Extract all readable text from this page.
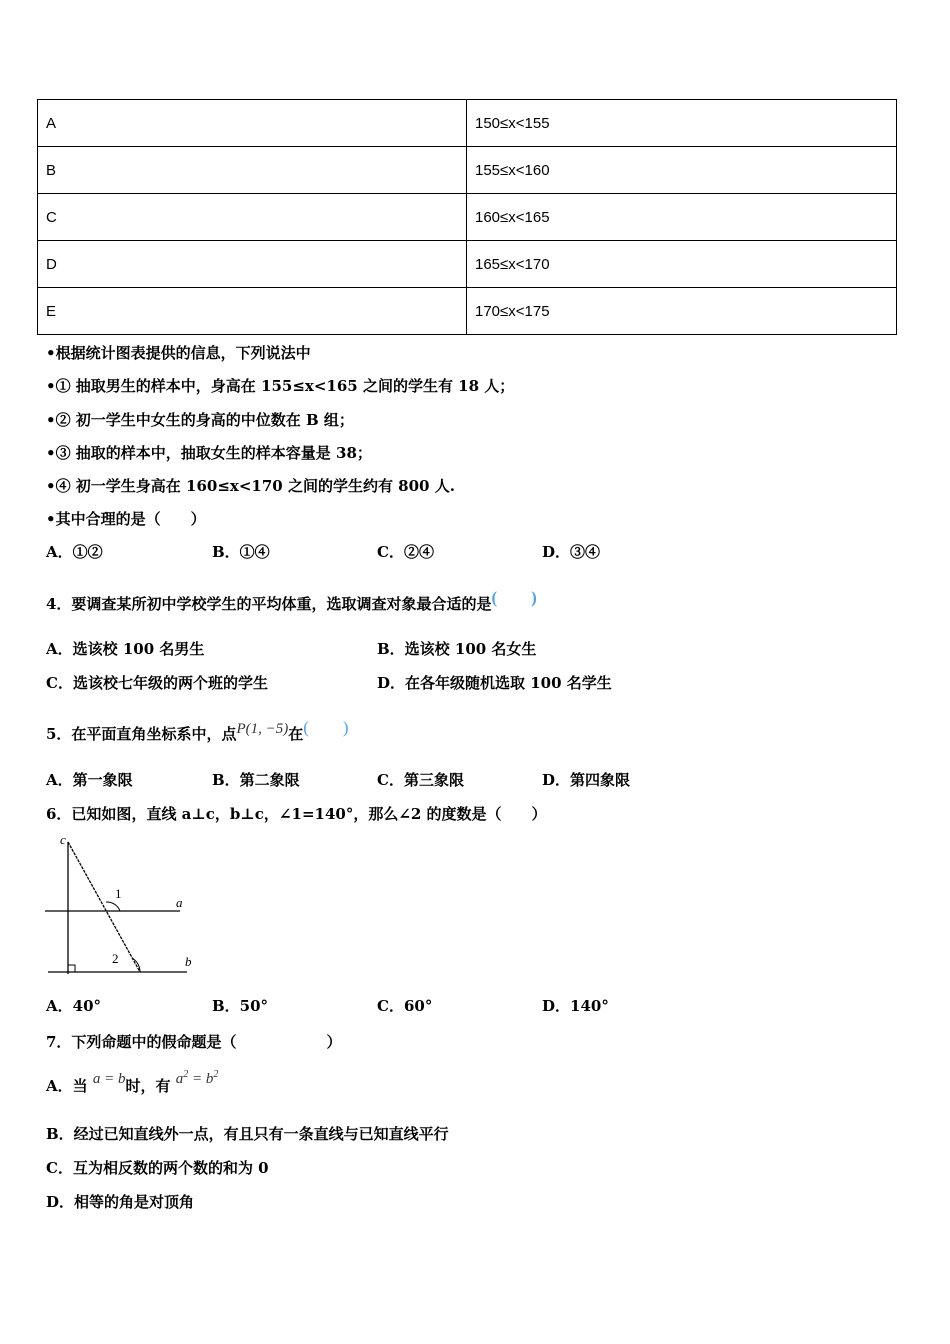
A	150≤x<155
B	155≤x<160
C	160≤x<165
D	165≤x<170
E	170≤x<175
•根据统计图表提供的信息，下列说法中
•① 抽取男生的样本中，身高在 155≤x<165 之间的学生有 18 人；
•② 初一学生中女生的身高的中位数在 B 组；
•③ 抽取的样本中，抽取女生的样本容量是 38；
•④ 初一学生身高在 160≤x<170 之间的学生约有 800 人.
•其中合理的是（　　）
A．①②	B．①④	C．②④	D．③④
4．要调查某所初中学校学生的平均体重，选取调查对象最合适的是(　　)
A．选该校 100 名男生	B．选该校 100 名女生
C．选该校七年级的两个班的学生	D．在各年级随机选取 100 名学生
5．在平面直角坐标系中，点P(1, −5)在(　　)
A．第一象限	B．第二象限	C．第三象限	D．第四象限
6．已知如图，直线 a⊥c，b⊥c，∠1=140°，那么∠2 的度数是（　　）
c
a
b
1
2
A．40°	B．50°	C．60°	D．140°
7．下列命题中的假命题是（　　　　　　）
A．当 a = b时，有 $a^2 = b^2$
B．经过已知直线外一点，有且只有一条直线与已知直线平行
C．互为相反数的两个数的和为 0
D．相等的角是对顶角
